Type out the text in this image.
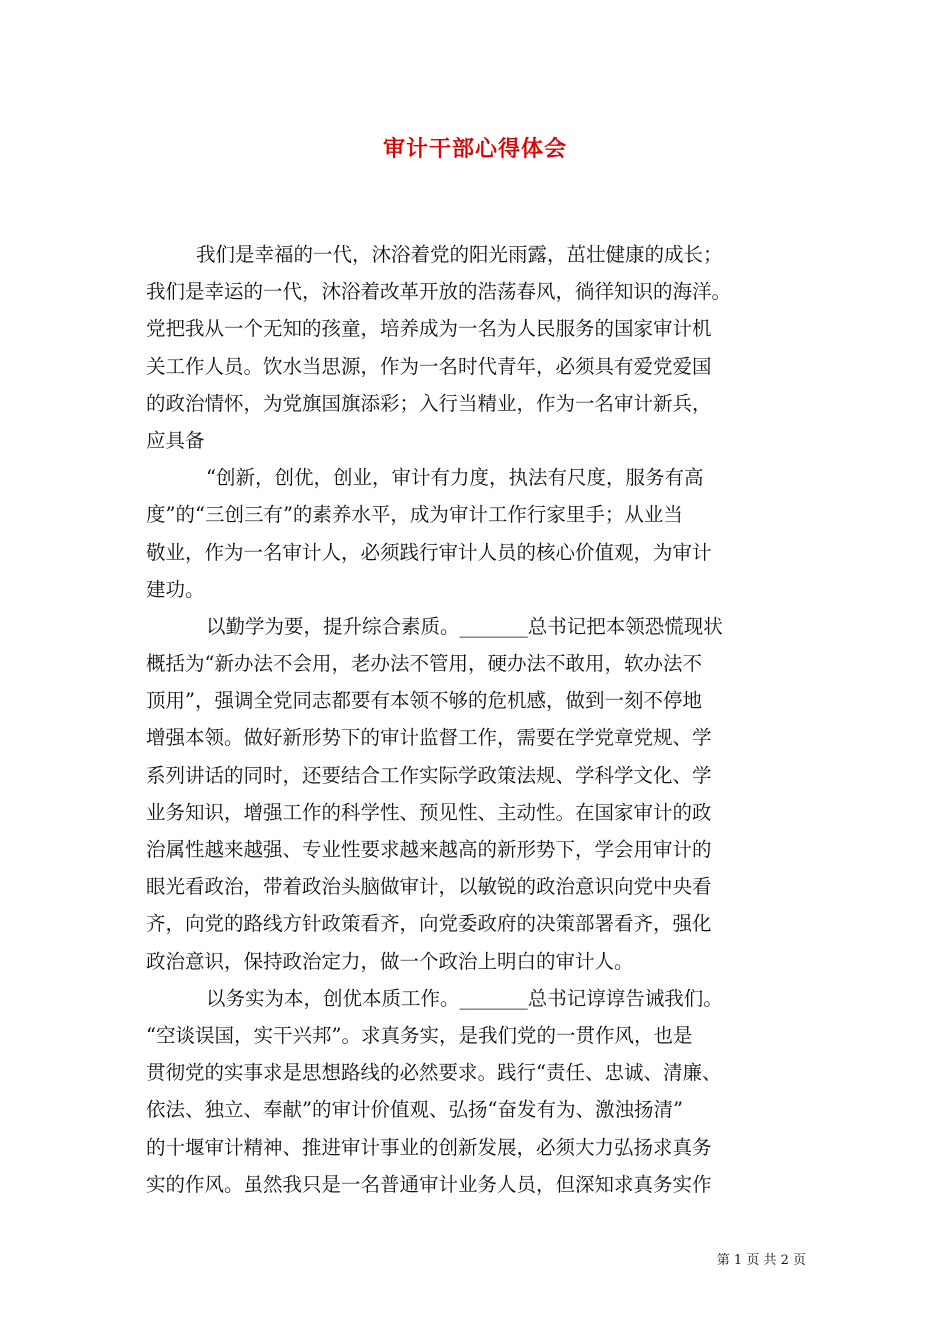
审计干部心得体会
我们是幸福的一代，沐浴着党的阳光雨露，茁壮健康的成长；
我们是幸运的一代，沐浴着改革开放的浩荡春风，徜徉知识的海洋。
党把我从一个无知的孩童，培养成为一名为人民服务的国家审计机
关工作人员。饮水当思源，作为一名时代青年，必须具有爱党爱国
的政治情怀，为党旗国旗添彩；入行当精业，作为一名审计新兵，
应具备
“创新，创优，创业，审计有力度，执法有尺度，服务有高
度”的“三创三有”的素养水平，成为审计工作行家里手；从业当
敬业，作为一名审计人，必须践行审计人员的核心价值观，为审计
建功。
以勤学为要，提升综合素质。_______总书记把本领恐慌现状
概括为“新办法不会用，老办法不管用，硬办法不敢用，软办法不
顶用”，强调全党同志都要有本领不够的危机感，做到一刻不停地
增强本领。做好新形势下的审计监督工作，需要在学党章党规、学
系列讲话的同时，还要结合工作实际学政策法规、学科学文化、学
业务知识，增强工作的科学性、预见性、主动性。在国家审计的政
治属性越来越强、专业性要求越来越高的新形势下，学会用审计的
眼光看政治，带着政治头脑做审计，以敏锐的政治意识向党中央看
齐，向党的路线方针政策看齐，向党委政府的决策部署看齐，强化
政治意识，保持政治定力，做一个政治上明白的审计人。
以务实为本，创优本质工作。_______总书记谆谆告诫我们。
“空谈误国，实干兴邦”。求真务实，是我们党的一贯作风，也是
贯彻党的实事求是思想路线的必然要求。践行“责任、忠诚、清廉、
依法、独立、奉献”的审计价值观、弘扬“奋发有为、激浊扬清”
的十堰审计精神、推进审计事业的创新发展，必须大力弘扬求真务
实的作风。虽然我只是一名普通审计业务人员，但深知求真务实作
第 1 页 共 2 页
